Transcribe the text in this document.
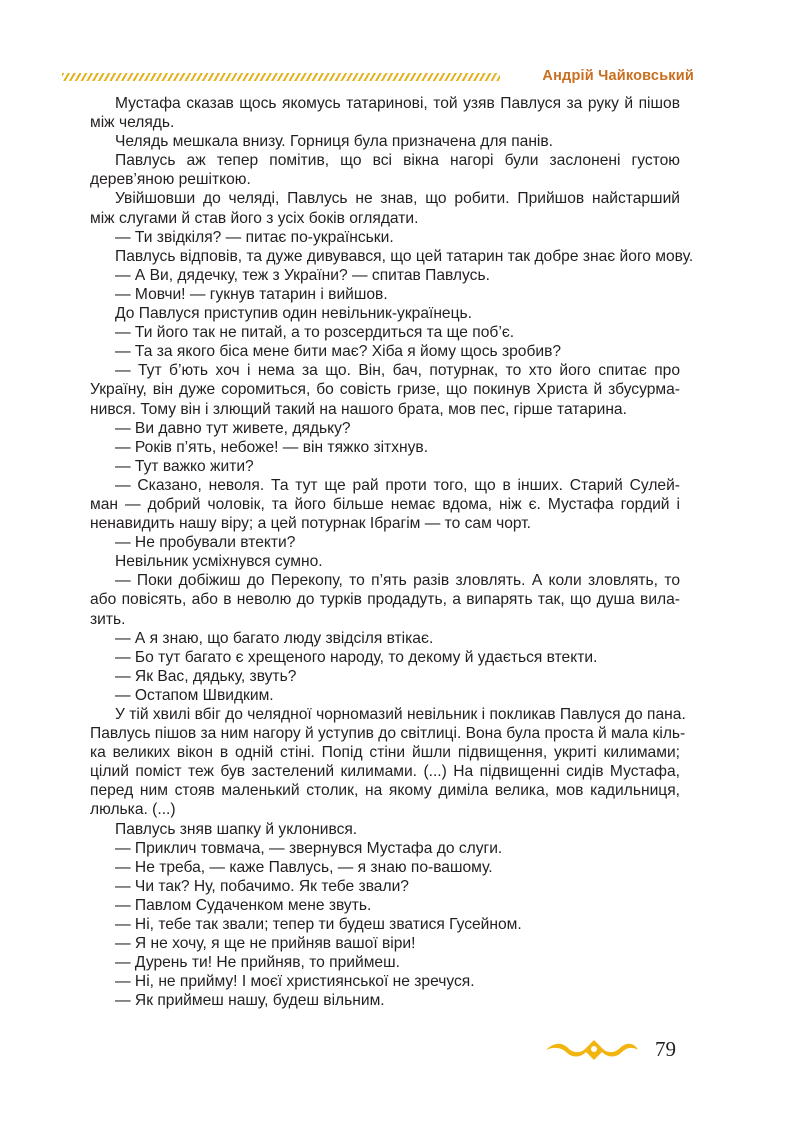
Андрій Чайковський
Мустафа сказав щось якомусь татаринові, той узяв Павлуся за руку й пішов
між челядь.
Челядь мешкала внизу. Горниця була призначена для панів.
Павлусь аж тепер помітив, що всі вікна нагорі були заслонені густою
дерев’яною решіткою.
Увійшовши до челяді, Павлусь не знав, що робити. Прийшов найстарший
між слугами й став його з усіх боків оглядати.
— Ти звідкіля? — питає по-українськи.
Павлусь відповів, та дуже дивувався, що цей татарин так добре знає його мову.
— А Ви, дядечку, теж з України? — спитав Павлусь.
— Мовчи! — гукнув татарин і вийшов.
До Павлуся приступив один невільник-українець.
— Ти його так не питай, а то розсердиться та ще поб’є.
— Та за якого біса мене бити має? Хіба я йому щось зробив?
— Тут б’ють хоч і нема за що. Він, бач, потурнак, то хто його спитає про
Україну, він дуже соромиться, бо совість гризе, що покинув Христа й збусурма-
нився. Тому він і злющий такий на нашого брата, мов пес, гірше татарина.
— Ви давно тут живете, дядьку?
— Років п’ять, небоже! — він тяжко зітхнув.
— Тут важко жити?
— Сказано, неволя. Та тут ще рай проти того, що в інших. Старий Сулей-
ман — добрий чоловік, та його більше немає вдома, ніж є. Мустафа гордий і
ненавидить нашу віру; а цей потурнак Ібрагім — то сам чорт.
— Не пробували втекти?
Невільник усміхнувся сумно.
— Поки добіжиш до Перекопу, то п’ять разів зловлять. А коли зловлять, то
або повісять, або в неволю до турків продадуть, а випарять так, що душа вила-
зить.
— А я знаю, що багато люду звідсіля втікає.
— Бо тут багато є хрещеного народу, то декому й удається втекти.
— Як Вас, дядьку, звуть?
— Остапом Швидким.
У тій хвилі вбіг до челядної чорномазий невільник і покликав Павлуся до пана.
Павлусь пішов за ним нагору й уступив до світлиці. Вона була проста й мала кіль-
ка великих вікон в одній стіні. Попід стіни йшли підвищення, укриті килимами;
цілий поміст теж був застелений килимами. (...) На підвищенні сидів Мустафа,
перед ним стояв маленький столик, на якому диміла велика, мов кадильниця,
люлька. (...)
Павлусь зняв шапку й уклонився.
— Приклич товмача, — звернувся Мустафа до слуги.
— Не треба, — каже Павлусь, — я знаю по-вашому.
— Чи так? Ну, побачимо. Як тебе звали?
— Павлом Судаченком мене звуть.
— Ні, тебе так звали; тепер ти будеш зватися Гусейном.
— Я не хочу, я ще не прийняв вашої віри!
— Дурень ти! Не прийняв, то приймеш.
— Ні, не прийму! І моєї християнської не зречуся.
— Як приймеш нашу, будеш вільним.
79
